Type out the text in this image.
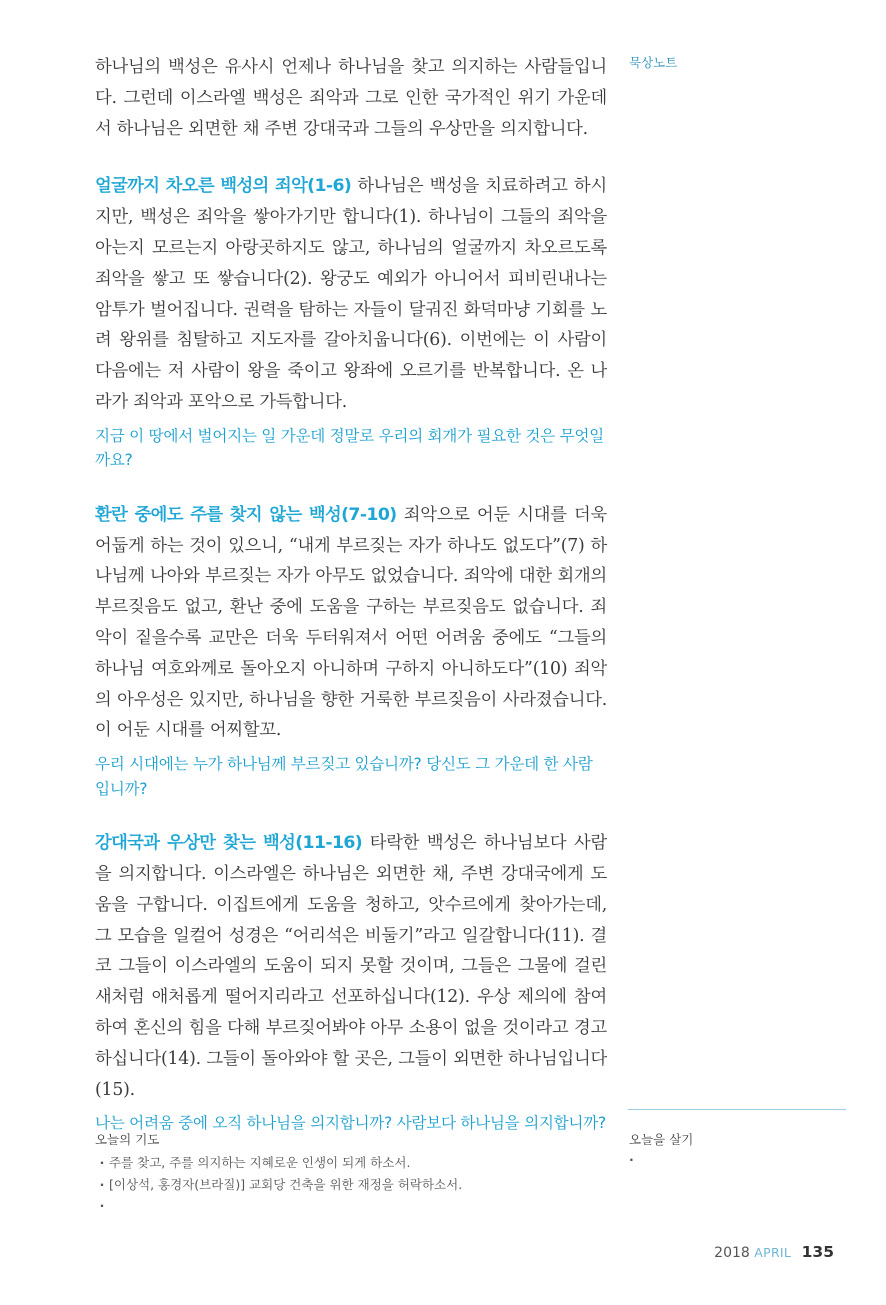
하나님의 백성은 유사시 언제나 하나님을 찾고 의지하는 사람들입니다. 그런데 이스라엘 백성은 죄악과 그로 인한 국가적인 위기 가운데서 하나님은 외면한 채 주변 강대국과 그들의 우상만을 의지합니다.

얼굴까지 차오른 백성의 죄악(1-6) 하나님은 백성을 치료하려고 하시지만, 백성은 죄악을 쌓아가기만 합니다(1). 하나님이 그들의 죄악을 아는지 모르는지 아랑곳하지도 않고, 하나님의 얼굴까지 차오르도록 죄악을 쌓고 또 쌓습니다(2). 왕궁도 예외가 아니어서 피비린내나는 암투가 벌어집니다. 권력을 탐하는 자들이 달궈진 화덕마냥 기회를 노려 왕위를 침탈하고 지도자를 갈아치웁니다(6). 이번에는 이 사람이 다음에는 저 사람이 왕을 죽이고 왕좌에 오르기를 반복합니다. 온 나라가 죄악과 포악으로 가득합니다.

지금 이 땅에서 벌어지는 일 가운데 정말로 우리의 회개가 필요한 것은 무엇일까요?

환란 중에도 주를 찾지 않는 백성(7-10) 죄악으로 어둔 시대를 더욱 어둡게 하는 것이 있으니, “내게 부르짖는 자가 하나도 없도다”(7) 하나님께 나아와 부르짖는 자가 아무도 없었습니다. 죄악에 대한 회개의 부르짖음도 없고, 환난 중에 도움을 구하는 부르짖음도 없습니다. 죄악이 짙을수록 교만은 더욱 두터워져서 어떤 어려움 중에도 “그들의 하나님 여호와께로 돌아오지 아니하며 구하지 아니하도다”(10) 죄악의 아우성은 있지만, 하나님을 향한 거룩한 부르짖음이 사라졌습니다. 이 어둔 시대를 어찌할꼬.

우리 시대에는 누가 하나님께 부르짖고 있습니까? 당신도 그 가운데 한 사람입니까?

강대국과 우상만 찾는 백성(11-16) 타락한 백성은 하나님보다 사람을 의지합니다. 이스라엘은 하나님은 외면한 채, 주변 강대국에게 도움을 구합니다. 이집트에게 도움을 청하고, 앗수르에게 찾아가는데, 그 모습을 일컬어 성경은 “어리석은 비둘기”라고 일갈합니다(11). 결코 그들이 이스라엘의 도움이 되지 못할 것이며, 그들은 그물에 걸린 새처럼 애처롭게 떨어지리라고 선포하십니다(12). 우상 제의에 참여하여 혼신의 힘을 다해 부르짖어봐야 아무 소용이 없을 것이라고 경고하십니다(14). 그들이 돌아와야 할 곳은, 그들이 외면한 하나님입니다(15).

나는 어려움 중에 오직 하나님을 의지합니까? 사람보다 하나님을 의지합니까?

묵상노트
오늘의 기도
· 주를 찾고, 주를 의지하는 지혜로운 인생이 되게 하소서.
· [이상석, 홍경자(브라질)] 교회당 건축을 위한 재정을 허락하소서.
·
오늘을 살기
·
2018 APRIL 135
